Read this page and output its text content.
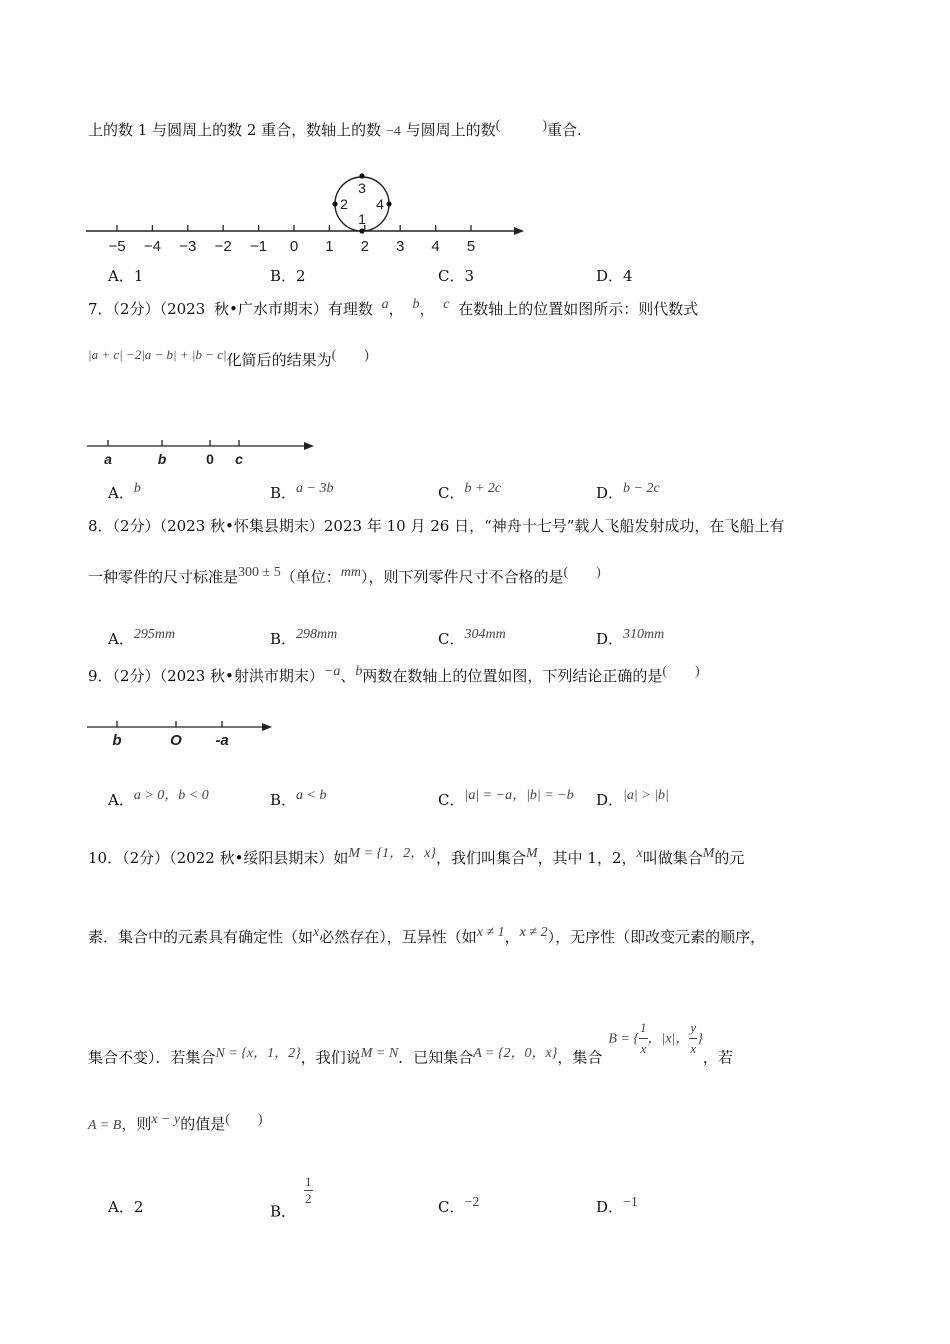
上的数 1 与圆周上的数 2 重合，数轴上的数 −4 与圆周上的数(	)重合.
−5 −4 −3 −2 −1 0 1 2 3 4 5
3
2 4
1
A．1	B．2	C．3	D．4
7．（2分）（2023 秋•广水市期末）有理数 a， b， c 在数轴上的位置如图所示：则代数式
|a + c| −2|a − b| + |b − c|化简后的结果为(　　)
a	b	0 c
A．b	B．a − 3b	C．b + 2c	D．b − 2c
8．（2分）（2023 秋•怀集县期末）2023 年 10 月 26 日，“神舟十七号”载人飞船发射成功，在飞船上有
一种零件的尺寸标准是300 ± 5（单位：mm），则下列零件尺寸不合格的是(　　)
A．295mm	B．298mm	C．304mm	D．310mm
9．（2分）（2023 秋•射洪市期末）−a、b两数在数轴上的位置如图，下列结论正确的是(　　)
b	O -a
A．a > 0，b < 0	B．a < b	C．|a| = −a，|b| = −b D．|a| > |b|
10．（2分）（2022 秋•绥阳县期末）如M = {1，2，x}，我们叫集合M，其中 1，2，x叫做集合M的元
素．集合中的元素具有确定性（如x必然存在），互异性（如x ≠ 1，x ≠ 2），无序性（即改变元素的顺序，
集合不变）．若集合N = {x，1，2}，我们说M = N．已知集合A = {2，0，x}，集合B = { $\frac{1}{x}$ ，|x|， $\frac{y}{x}$ }，若
A = B，则x − y的值是(　　)
A．2	B．
$\frac{1}{2}$	C．−2	D．−1
